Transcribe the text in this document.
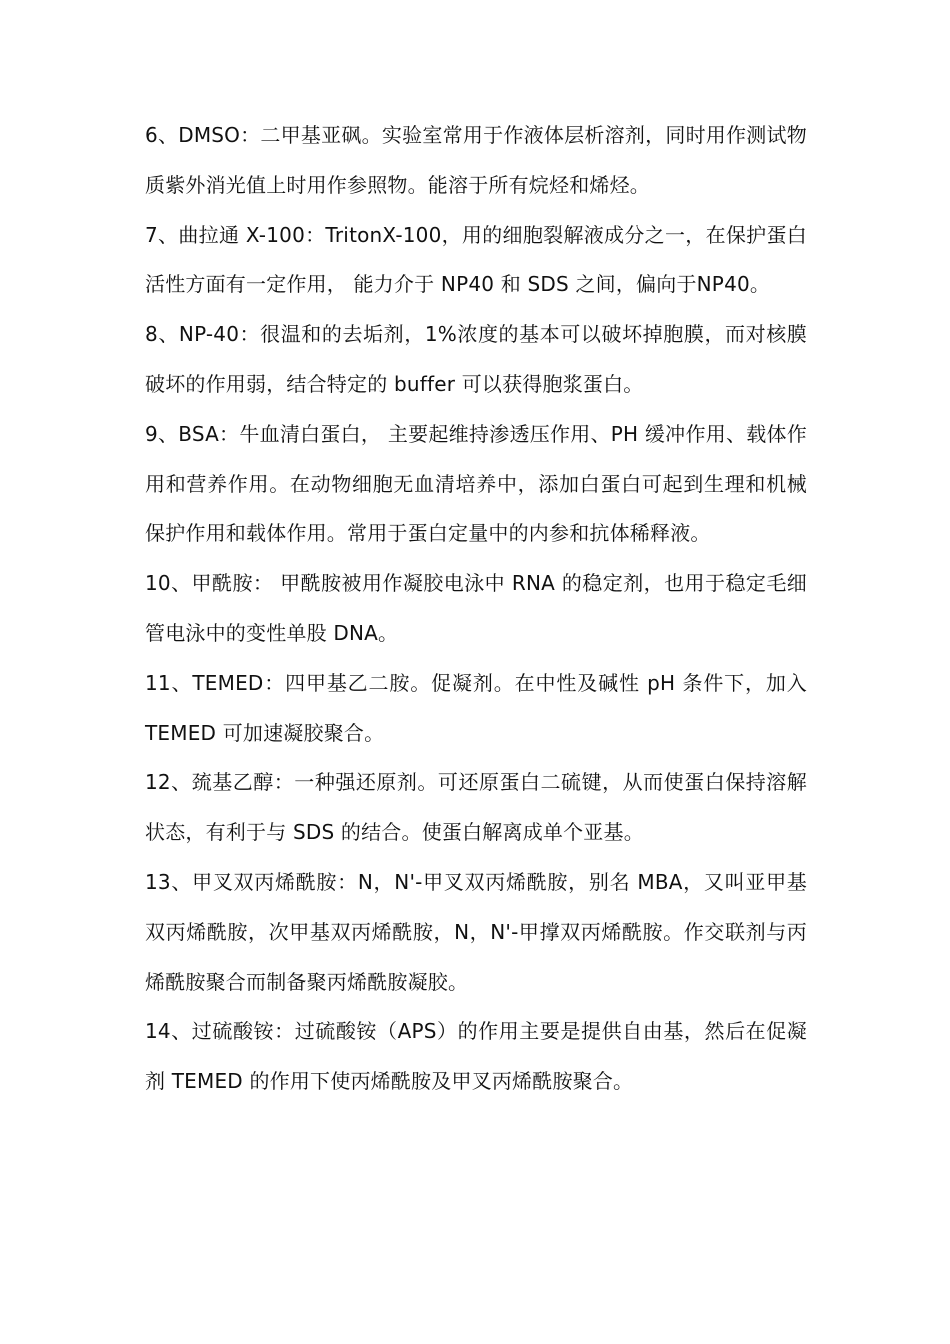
6、DMSO：二甲基亚砜。实验室常用于作液体层析溶剂，同时用作测试物质紫外消光值上时用作参照物。能溶于所有烷烃和烯烃。

7、曲拉通 X-100：TritonX-100，用的细胞裂解液成分之一，在保护蛋白活性方面有一定作用， 能力介于 NP40 和 SDS 之间，偏向于NP40。

8、NP-40：很温和的去垢剂，1%浓度的基本可以破坏掉胞膜，而对核膜破坏的作用弱，结合特定的 buffer 可以获得胞浆蛋白。

9、BSA：牛血清白蛋白， 主要起维持渗透压作用、PH 缓冲作用、载体作用和营养作用。在动物细胞无血清培养中，添加白蛋白可起到生理和机械保护作用和载体作用。常用于蛋白定量中的内参和抗体稀释液。

10、甲酰胺： 甲酰胺被用作凝胶电泳中 RNA 的稳定剂，也用于稳定毛细管电泳中的变性单股 DNA。

11、TEMED：四甲基乙二胺。促凝剂。在中性及碱性 pH 条件下，加入 TEMED 可加速凝胶聚合。

12、巯基乙醇：一种强还原剂。可还原蛋白二硫键，从而使蛋白保持溶解状态，有利于与 SDS 的结合。使蛋白解离成单个亚基。

13、甲叉双丙烯酰胺：N，N'-甲叉双丙烯酰胺，别名 MBA，又叫亚甲基双丙烯酰胺，次甲基双丙烯酰胺，N，N'-甲撑双丙烯酰胺。作交联剂与丙烯酰胺聚合而制备聚丙烯酰胺凝胶。

14、过硫酸铵：过硫酸铵（APS）的作用主要是提供自由基，然后在促凝剂 TEMED 的作用下使丙烯酰胺及甲叉丙烯酰胺聚合。
